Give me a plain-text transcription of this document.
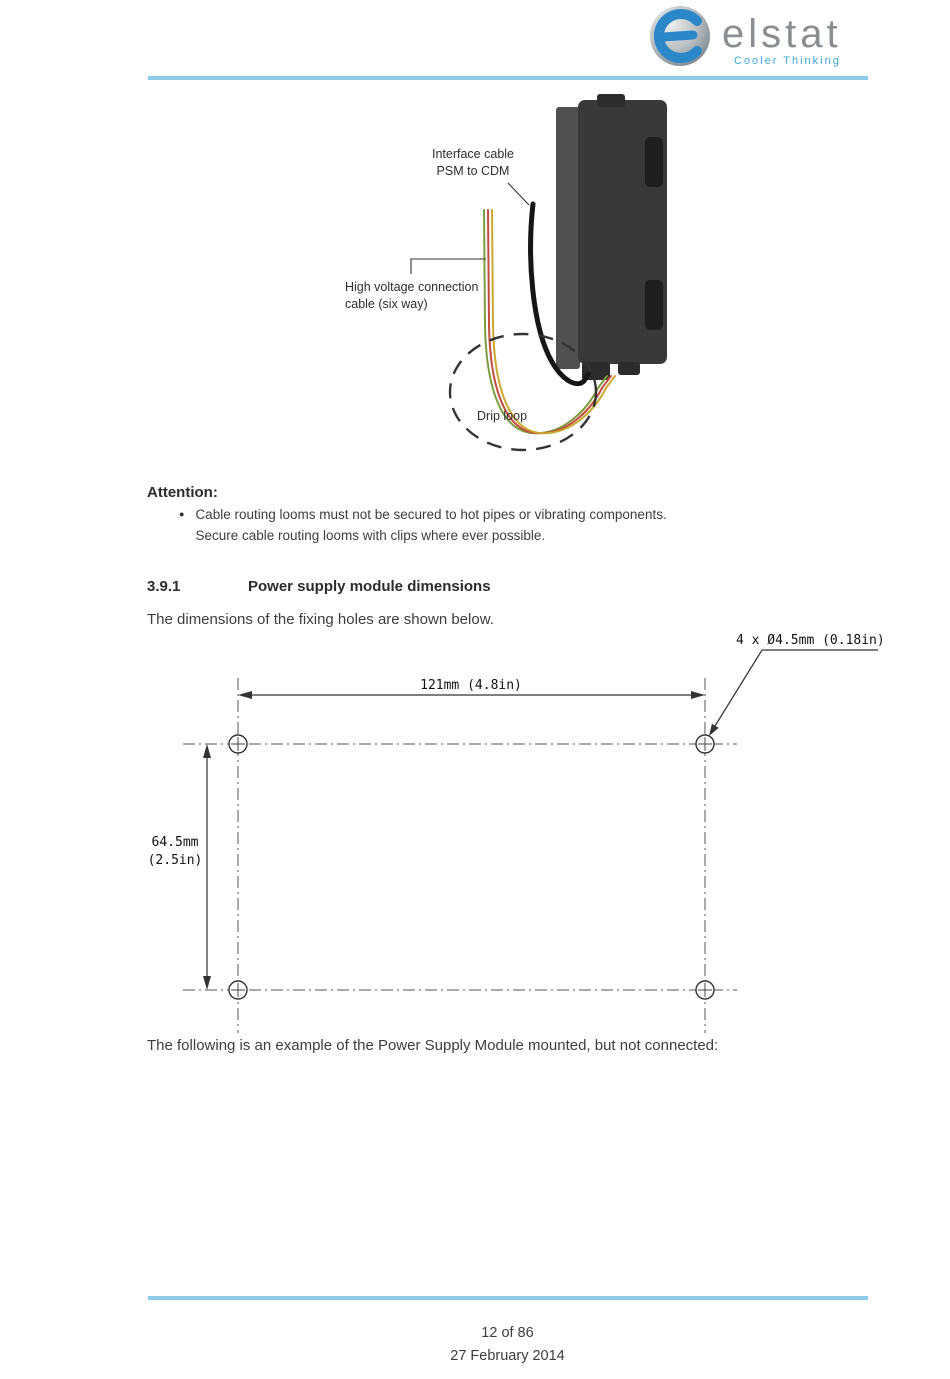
elstat
Cooler Thinking
Interface cable
PSM to CDM
High voltage connection
cable (six way)
Drip loop
Attention:
● Cable routing looms must not be secured to hot pipes or vibrating components.
Secure cable routing looms with clips where ever possible.
3.9.1	Power supply module dimensions
The dimensions of the fixing holes are shown below.
121mm (4.8in)
64.5mm
(2.5in)
4 x Ø4.5mm (0.18in)
The following is an example of the Power Supply Module mounted, but not connected:
12 of 86
27 February 2014
